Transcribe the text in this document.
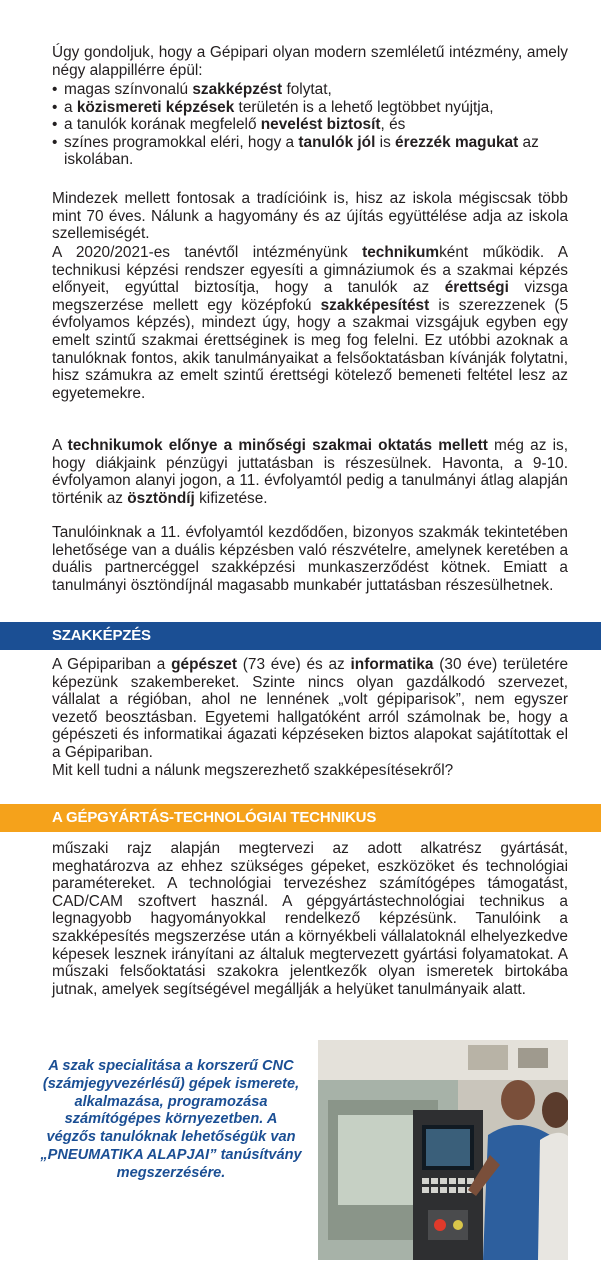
Úgy gondoljuk, hogy a Gépipari olyan modern szemléletű intézmény, amely négy alappillérre épül:

• magas színvonalú szakképzést folytat,
• a közismereti képzések területén is a lehető legtöbbet nyújtja,
• a tanulók korának megfelelő nevelést biztosít, és
• színes programokkal eléri, hogy a tanulók jól is érezzék magukat az iskolában.

Mindezek mellett fontosak a tradícióink is, hisz az iskola mégiscsak több mint 70 éves. Nálunk a hagyomány és az újítás együttélése adja az iskola szellemiségét.

A 2020/2021-es tanévtől intézményünk technikumként működik. A technikusi képzési rendszer egyesíti a gimnáziumok és a szakmai képzés előnyeit, egyúttal biztosítja, hogy a tanulók az érettségi vizsga megszerzése mellett egy középfokú szakképesítést is szerezzenek (5 évfolyamos képzés), mindezt úgy, hogy a szakmai vizsgájuk egyben egy emelt szintű szakmai érettséginek is meg fog felelni. Ez utóbbi azoknak a tanulóknak fontos, akik tanulmányaikat a felsőoktatásban kívánják folytatni, hisz számukra az emelt szintű érettségi kötelező bemeneti feltétel lesz az egyetemekre.

A technikumok előnye a minőségi szakmai oktatás mellett még az is, hogy diákjaink pénzügyi juttatásban is részesülnek. Havonta, a 9-10. évfolyamon alanyi jogon, a 11. évfolyamtól pedig a tanulmányi átlag alapján történik az ösztöndíj kifizetése.

Tanulóinknak a 11. évfolyamtól kezdődően, bizonyos szakmák tekintetében lehetősége van a duális képzésben való részvételre, amelynek keretében a duális partnercéggel szakképzési munkaszerződést kötnek. Emiatt a tanulmányi ösztöndíjnál magasabb munkabér juttatásban részesülhetnek.

SZAKKÉPZÉS

A Gépipariban a gépészet (73 éve) és az informatika (30 éve) területére képezünk szakembereket. Szinte nincs olyan gazdálkodó szervezet, vállalat a régióban, ahol ne lennének „volt gépiparisok”, nem egyszer vezető beosztásban. Egyetemi hallgatóként arról számolnak be, hogy a gépészeti és informatikai ágazati képzéseken biztos alapokat sajátítottak el a Gépipariban.
Mit kell tudni a nálunk megszerezhető szakképesítésekről?

A GÉPGYÁRTÁS-TECHNOLÓGIAI TECHNIKUS

műszaki rajz alapján megtervezi az adott alkatrész gyártását, meghatározva az ehhez szükséges gépeket, eszközöket és technológiai paramétereket. A technológiai tervezéshez számítógépes támogatást, CAD/CAM szoftvert használ. A gépgyártástechnológiai technikus a legnagyobb hagyományokkal rendelkező képzésünk. Tanulóink a szakképesítés megszerzése után a környékbeli vállalatoknál elhelyezkedve képesek lesznek irányítani az általuk megtervezett gyártási folyamatokat. A műszaki felsőoktatási szakokra jelentkezők olyan ismeretek birtokába jutnak, amelyek segítségével megállják a helyüket tanulmányaik alatt.

A szak specialitása a korszerű CNC (számjegyvezérlésű) gépek ismerete, alkalmazása, programozása számítógépes környezetben. A végzős tanulóknak lehetőségük van „PNEUMATIKA ALAPJAI” tanúsítvány megszerzésére.
